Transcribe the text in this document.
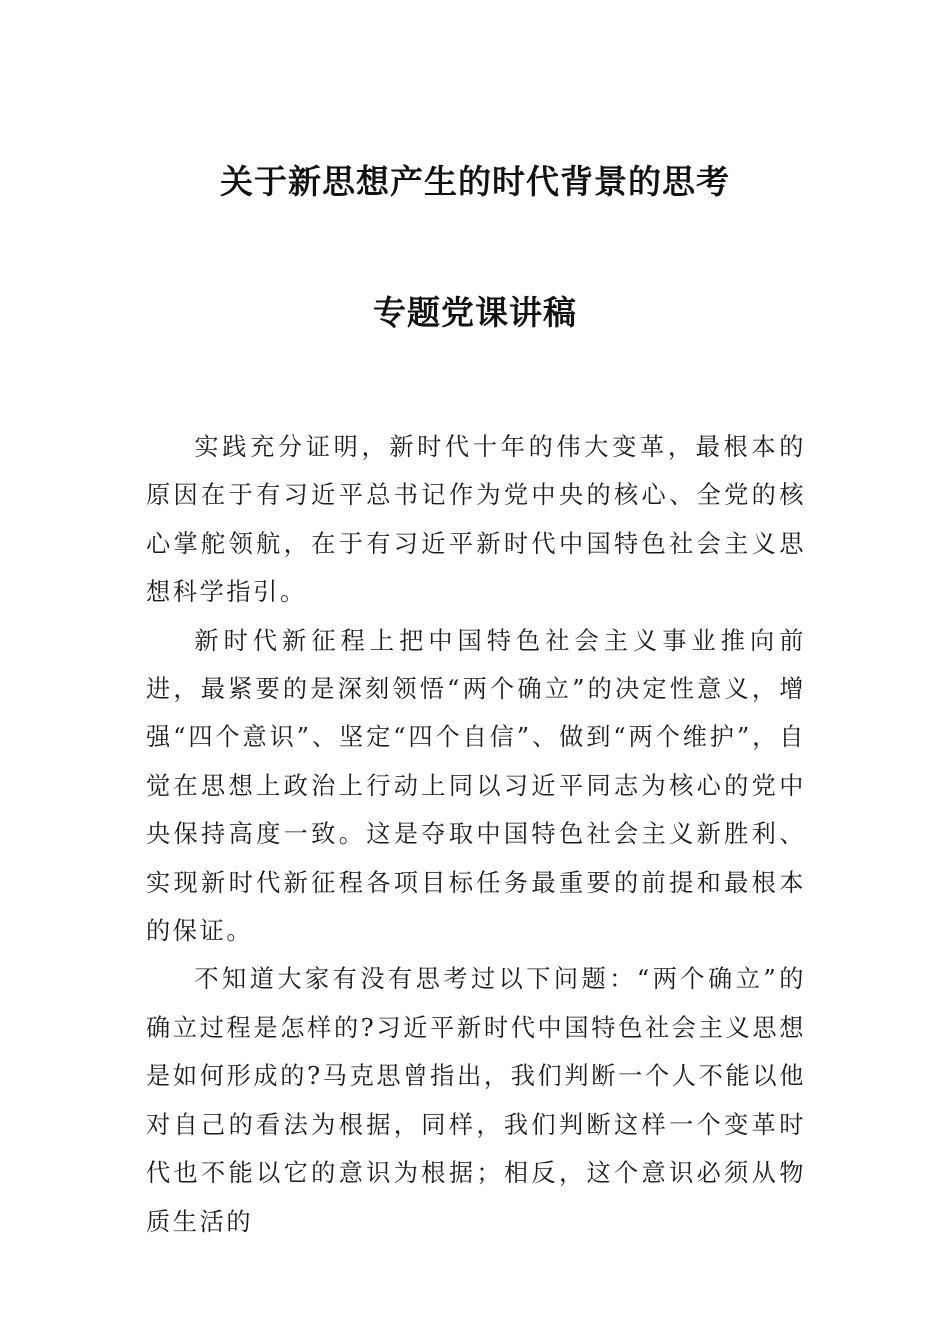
关于新思想产生的时代背景的思考
专题党课讲稿

实践充分证明，新时代十年的伟大变革，最根本的原因在于有习近平总书记作为党中央的核心、全党的核心掌舵领航，在于有习近平新时代中国特色社会主义思想科学指引。

新时代新征程上把中国特色社会主义事业推向前进，最紧要的是深刻领悟“两个确立”的决定性意义，增强“四个意识”、坚定“四个自信”、做到“两个维护”，自觉在思想上政治上行动上同以习近平同志为核心的党中央保持高度一致。这是夺取中国特色社会主义新胜利、实现新时代新征程各项目标任务最重要的前提和最根本的保证。

不知道大家有没有思考过以下问题：“两个确立”的确立过程是怎样的?习近平新时代中国特色社会主义思想是如何形成的?马克思曾指出，我们判断一个人不能以他对自己的看法为根据，同样，我们判断这样一个变革时代也不能以它的意识为根据；相反，这个意识必须从物质生活的
